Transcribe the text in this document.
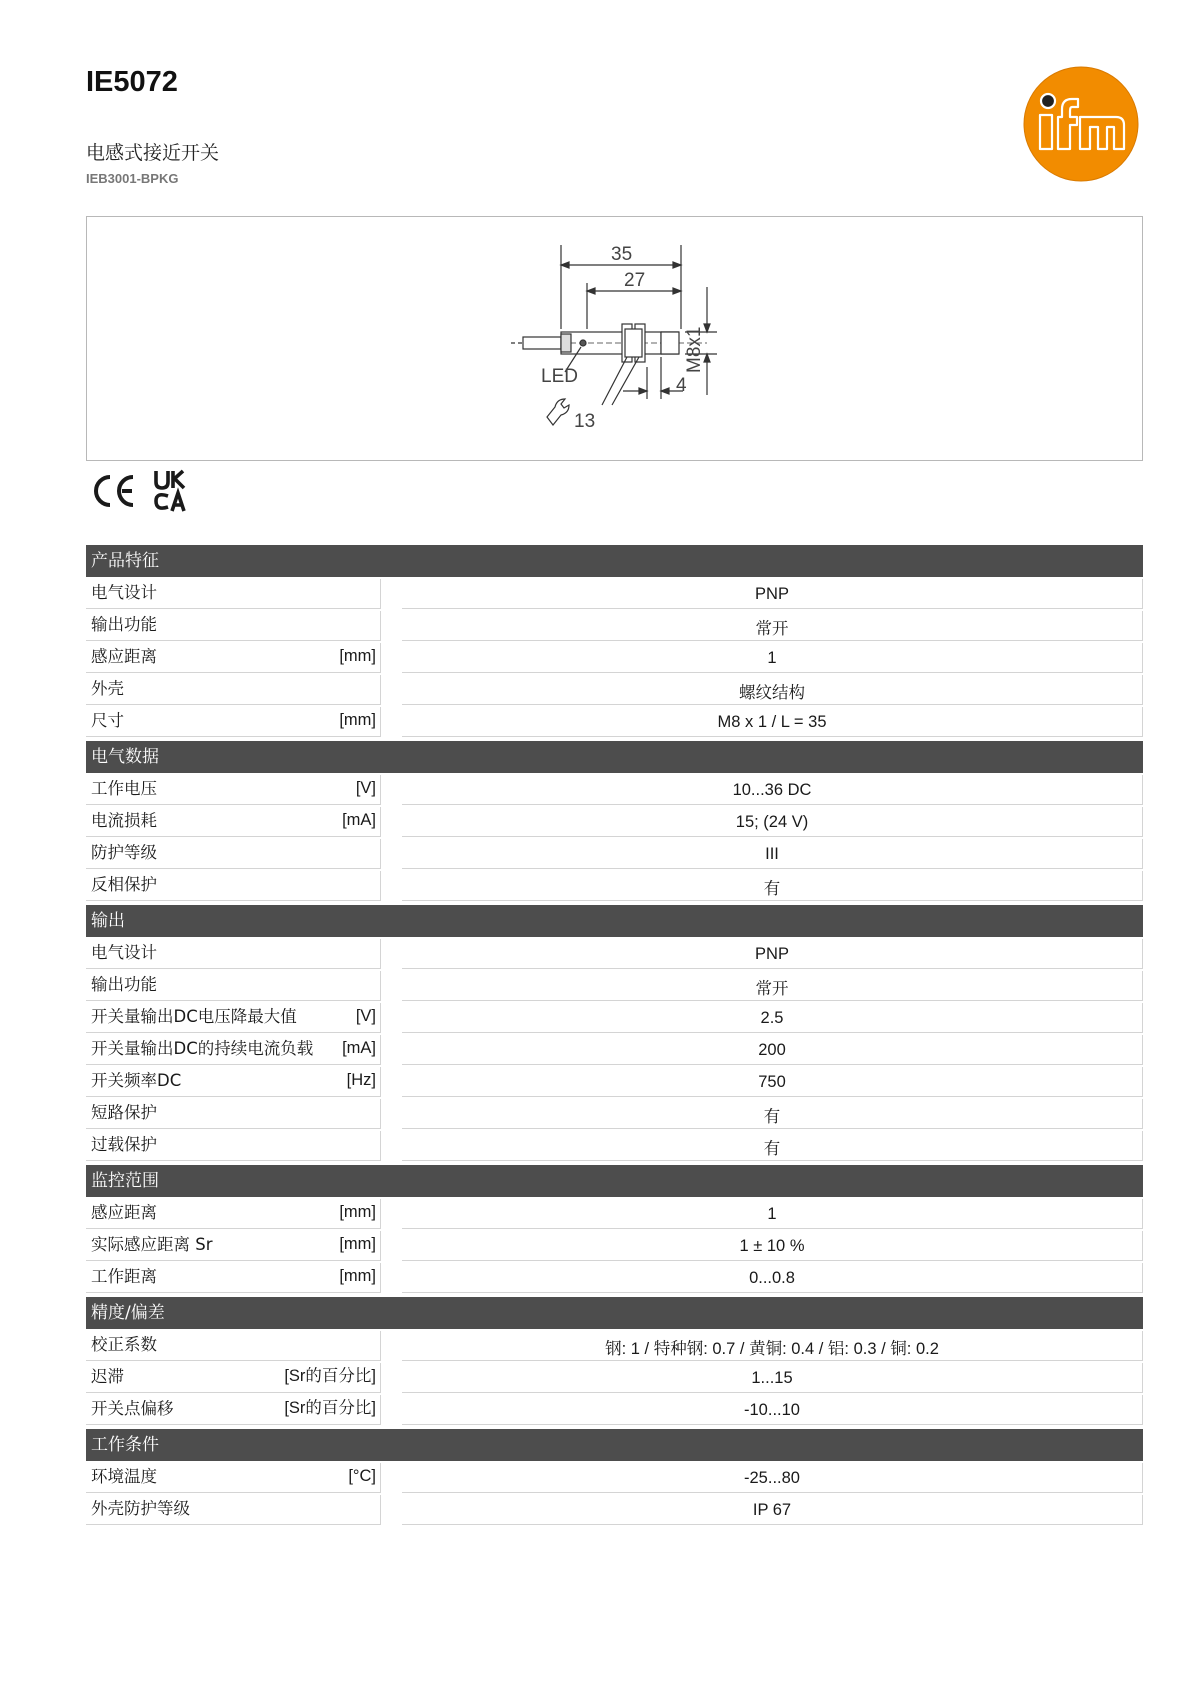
IE5072
电感式接近开关
IEB3001-BPKG
35
27
4
LED
13
M8x1
产品特征
电气设计	PNP
输出功能	常开
感应距离	[mm]	1
外壳	螺纹结构
尺寸	[mm]	M8 x 1 / L = 35
电气数据
工作电压	[V]	10...36 DC
电流损耗	[mA]	15; (24 V)
防护等级	III
反相保护	有
输出
电气设计	PNP
输出功能	常开
开关量输出DC电压降最大值	[V]	2.5
开关量输出DC的持续电流负载	[mA]	200
开关频率DC	[Hz]	750
短路保护	有
过载保护	有
监控范围
感应距离	[mm]	1
实际感应距离 Sr	[mm]	1 ± 10 %
工作距离	[mm]	0...0.8
精度/偏差
校正系数	钢: 1 / 特种钢: 0.7 / 黄铜: 0.4 / 铝: 0.3 / 铜: 0.2
迟滞	[Sr的百分比]	1...15
开关点偏移	[Sr的百分比]	-10...10
工作条件
环境温度	[°C]	-25...80
外壳防护等级	IP 67
